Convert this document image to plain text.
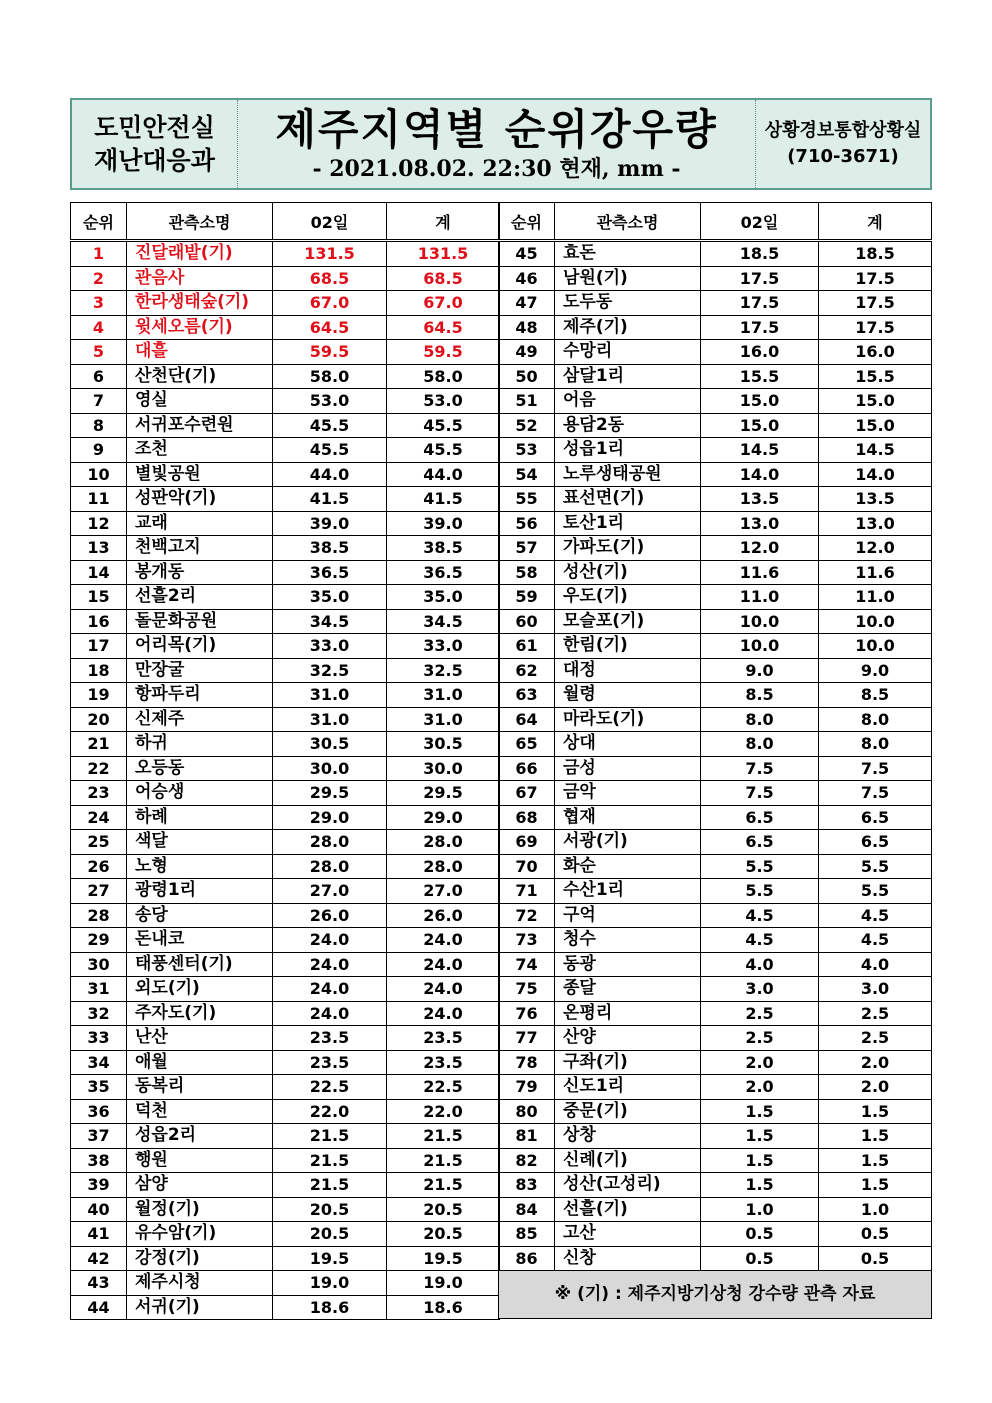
도민안전실
재난대응과
제주지역별 순위강우량
- 2021.08.02. 22:30 현재, mm -
상황경보통합상황실
(710-3671)
순위	관측소명	02일	계
1	진달래밭(기)	131.5	131.5
2	관음사	68.5	68.5
3	한라생태숲(기)	67.0	67.0
4	윗세오름(기)	64.5	64.5
5	대흘	59.5	59.5
6	산천단(기)	58.0	58.0
7	영실	53.0	53.0
8	서귀포수련원	45.5	45.5
9	조천	45.5	45.5
10	별빛공원	44.0	44.0
11	성판악(기)	41.5	41.5
12	교래	39.0	39.0
13	천백고지	38.5	38.5
14	봉개동	36.5	36.5
15	선흘2리	35.0	35.0
16	돌문화공원	34.5	34.5
17	어리목(기)	33.0	33.0
18	만장굴	32.5	32.5
19	항파두리	31.0	31.0
20	신제주	31.0	31.0
21	하귀	30.5	30.5
22	오등동	30.0	30.0
23	어승생	29.5	29.5
24	하례	29.0	29.0
25	색달	28.0	28.0
26	노형	28.0	28.0
27	광령1리	27.0	27.0
28	송당	26.0	26.0
29	돈내코	24.0	24.0
30	태풍센터(기)	24.0	24.0
31	외도(기)	24.0	24.0
32	주자도(기)	24.0	24.0
33	난산	23.5	23.5
34	애월	23.5	23.5
35	동복리	22.5	22.5
36	덕천	22.0	22.0
37	성읍2리	21.5	21.5
38	행원	21.5	21.5
39	삼양	21.5	21.5
40	월정(기)	20.5	20.5
41	유수암(기)	20.5	20.5
42	강정(기)	19.5	19.5
43	제주시청	19.0	19.0
44	서귀(기)	18.6	18.6
순위	관측소명	02일	계
45	효돈	18.5	18.5
46	남원(기)	17.5	17.5
47	도두동	17.5	17.5
48	제주(기)	17.5	17.5
49	수망리	16.0	16.0
50	삼달1리	15.5	15.5
51	어음	15.0	15.0
52	용담2동	15.0	15.0
53	성읍1리	14.5	14.5
54	노루생태공원	14.0	14.0
55	표선면(기)	13.5	13.5
56	토산1리	13.0	13.0
57	가파도(기)	12.0	12.0
58	성산(기)	11.6	11.6
59	우도(기)	11.0	11.0
60	모슬포(기)	10.0	10.0
61	한림(기)	10.0	10.0
62	대정	9.0	9.0
63	월령	8.5	8.5
64	마라도(기)	8.0	8.0
65	상대	8.0	8.0
66	금성	7.5	7.5
67	금악	7.5	7.5
68	협재	6.5	6.5
69	서광(기)	6.5	6.5
70	화순	5.5	5.5
71	수산1리	5.5	5.5
72	구억	4.5	4.5
73	청수	4.5	4.5
74	동광	4.0	4.0
75	종달	3.0	3.0
76	온평리	2.5	2.5
77	산양	2.5	2.5
78	구좌(기)	2.0	2.0
79	신도1리	2.0	2.0
80	중문(기)	1.5	1.5
81	상창	1.5	1.5
82	신례(기)	1.5	1.5
83	성산(고성리)	1.5	1.5
84	선흘(기)	1.0	1.0
85	고산	0.5	0.5
86	신창	0.5	0.5
※ (기) : 제주지방기상청 강수량 관측 자료			
